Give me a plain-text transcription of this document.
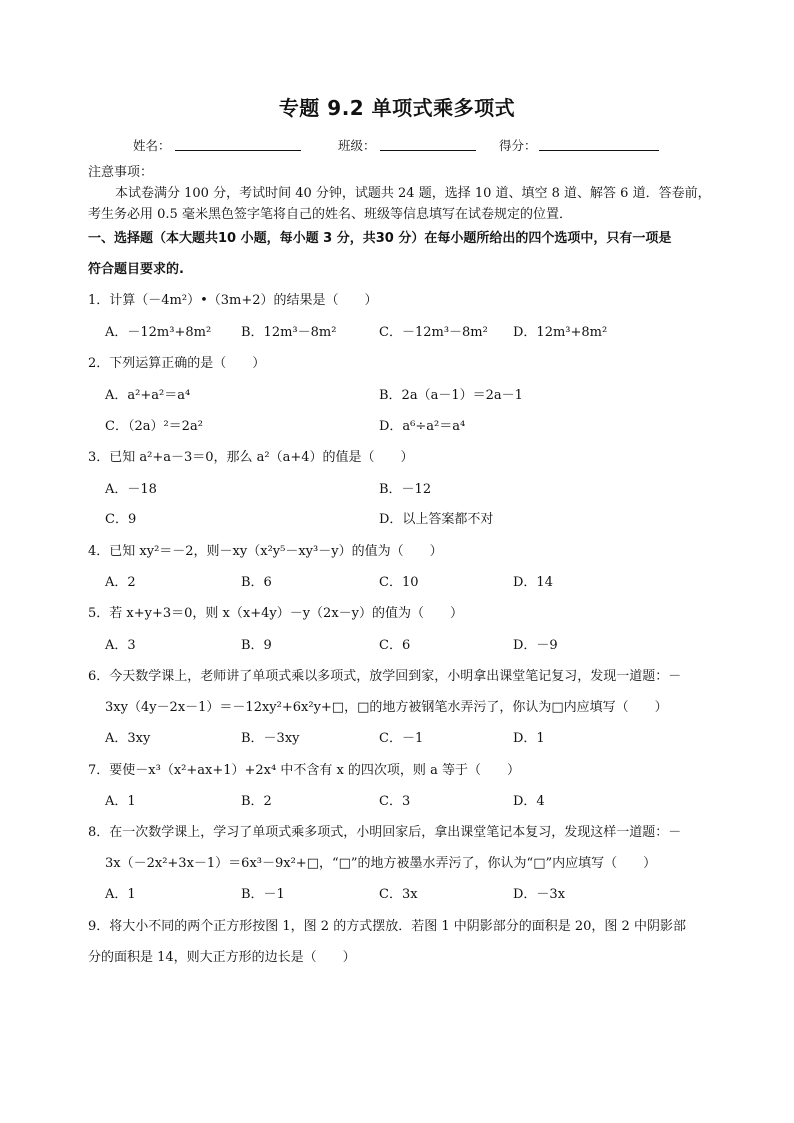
专题 9.2 单项式乘多项式
姓名：	班级：	得分：
注意事项：
本试卷满分 100 分，考试时间 40 分钟，试题共 24 题，选择 10 道、填空 8 道、解答 6 道．答卷前，
考生务必用 0.5 毫米黑色签字笔将自己的姓名、班级等信息填写在试卷规定的位置．
一、选择题（本大题共10 小题，每小题 3 分，共30 分）在每小题所给出的四个选项中，只有一项是
符合题目要求的.
1．计算（－4m²）•（3m+2）的结果是（　　）
A．－12m³+8m² B．12m³－8m²	C．－12m³－8m² D．12m³+8m²
2．下列运算正确的是（　　）
A．a²+a²＝a⁴	B．2a（a－1）＝2a－1
C．（2a）²＝2a²	D．a⁶÷a²＝a⁴
3．已知 a²+a－3＝0，那么 a²（a+4）的值是（　　）
A．－18	B．－12
C．9	D．以上答案都不对
4．已知 xy²＝－2，则－xy（x²y⁵－xy³－y）的值为（　　）
A．2	B．6	C．10	D．14
5．若 x+y+3＝0，则 x（x+4y）－y（2x－y）的值为（　　）
A．3	B．9	C．6	D．－9
6．今天数学课上，老师讲了单项式乘以多项式，放学回到家，小明拿出课堂笔记复习，发现一道题：－
3xy（4y－2x－1）＝－12xy²+6x²y+□，□的地方被钢笔水弄污了，你认为□内应填写（　　）
A．3xy	B．－3xy	C．－1	D．1
7．要使－x³（x²+ax+1）+2x⁴ 中不含有 x 的四次项，则 a 等于（　　）
A．1	B．2	C．3	D．4
8．在一次数学课上，学习了单项式乘多项式，小明回家后，拿出课堂笔记本复习，发现这样一道题：－
3x（－2x²+3x－1）＝6x³－9x²+□，“□”的地方被墨水弄污了，你认为“□”内应填写（　　）
A．1	B．－1	C．3x	D．－3x
9．将大小不同的两个正方形按图 1，图 2 的方式摆放．若图 1 中阴影部分的面积是 20，图 2 中阴影部
分的面积是 14，则大正方形的边长是（　　）
